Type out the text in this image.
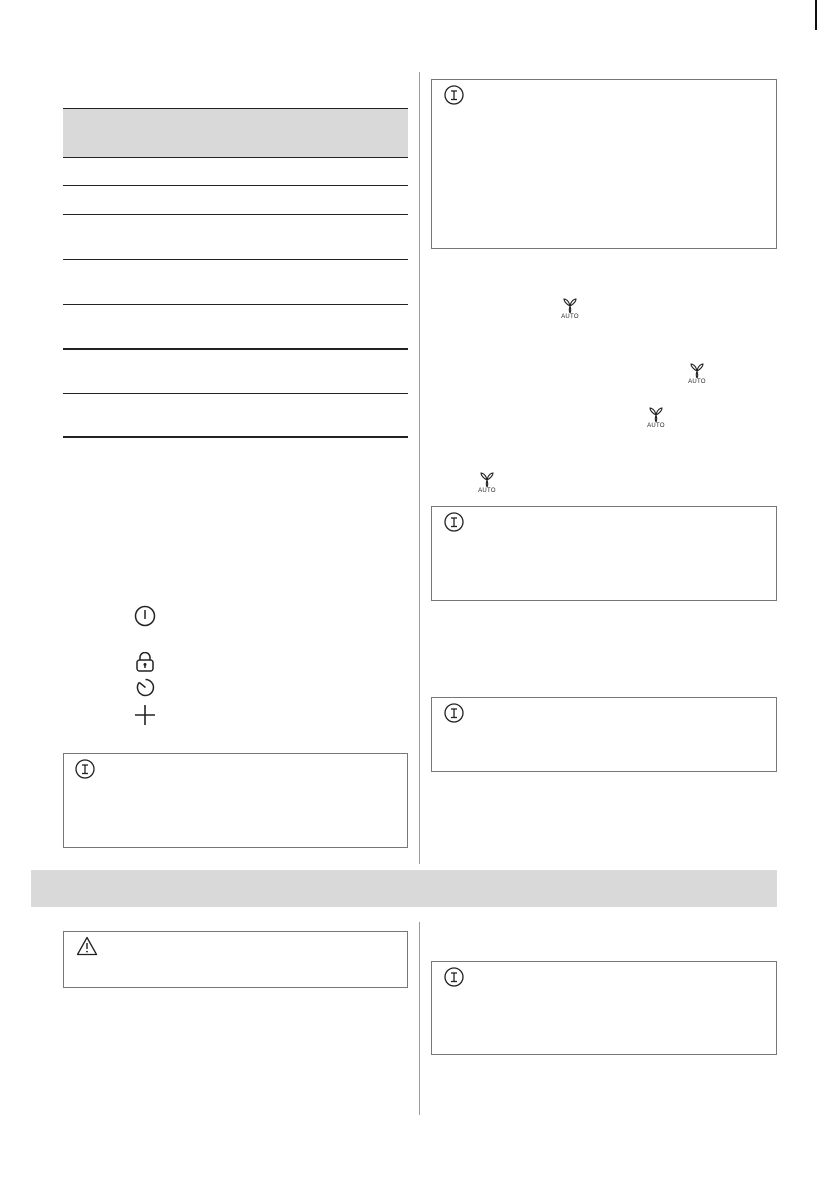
AUTO
AUTO
AUTO
AUTO
